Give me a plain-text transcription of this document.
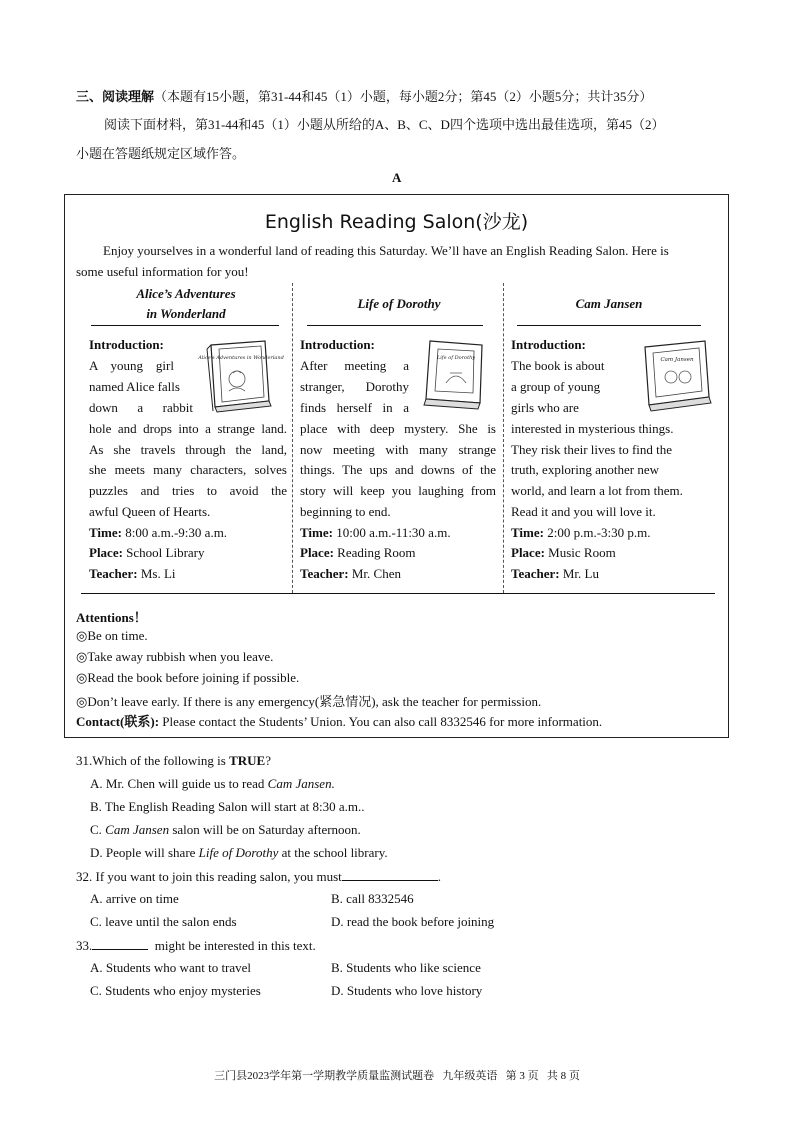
三、阅读理解（本题有15小题，第31-44和45（1）小题，每小题2分；第45（2）小题5分；共计35分）
阅读下面材料，第31-44和45（1）小题从所给的A、B、C、D四个选项中选出最佳选项，第45（2）
小题在答题纸规定区域作答。
A
English Reading Salon(沙龙)
Enjoy yourselves in a wonderful land of reading this Saturday. We’ll have an English Reading Salon. Here is
some useful information for you!
Alice’s Adventures
in Wonderland
Introduction:
A young girl
named Alice falls
down a rabbit
hole and drops into a strange land.
As she travels through the land,
she meets many characters, solves
puzzles and tries to avoid the
awful Queen of Hearts.
Time: 8:00 a.m.-9:30 a.m.
Place: School Library
Teacher: Ms. Li
Alice's Adventures in Wonderland
Life of Dorothy
Introduction:
After meeting a
stranger, Dorothy
finds herself in a
place with deep mystery. She is
now meeting with many strange
things. The ups and downs of the
story will keep you laughing from
beginning to end.
Time: 10:00 a.m.-11:30 a.m.
Place: Reading Room
Teacher: Mr. Chen
Life of Dorothy
Cam Jansen
Introduction:
The book is about
a group of young
girls who are
interested in mysterious things.
They risk their lives to find the
truth, exploring another new
world, and learn a lot from them.
Read it and you will love it.
Time: 2:00 p.m.-3:30 p.m.
Place: Music Room
Teacher: Mr. Lu
Cam Jansen
Attentions！
◎Be on time.
◎Take away rubbish when you leave.
◎Read the book before joining if possible.
◎Don’t leave early. If there is any emergency(紧急情况), ask the teacher for permission.
Contact(联系): Please contact the Students’ Union. You can also call 8332546 for more information.
31.Which of the following is TRUE?
A. Mr. Chen will guide us to read Cam Jansen.
B. The English Reading Salon will start at 8:30 a.m..
C. Cam Jansen salon will be on Saturday afternoon.
D. People will share Life of Dorothy at the school library.
32. If you want to join this reading salon, you must	.
A. arrive on time	B. call 8332546
C. leave until the salon ends	D. read the book before joining
33.	might be interested in this text.
A. Students who want to travel	B. Students who like science
C. Students who enjoy mysteries	D. Students who love history
三门县2023学年第一学期教学质量监测试题卷   九年级英语   第 3 页   共 8 页
